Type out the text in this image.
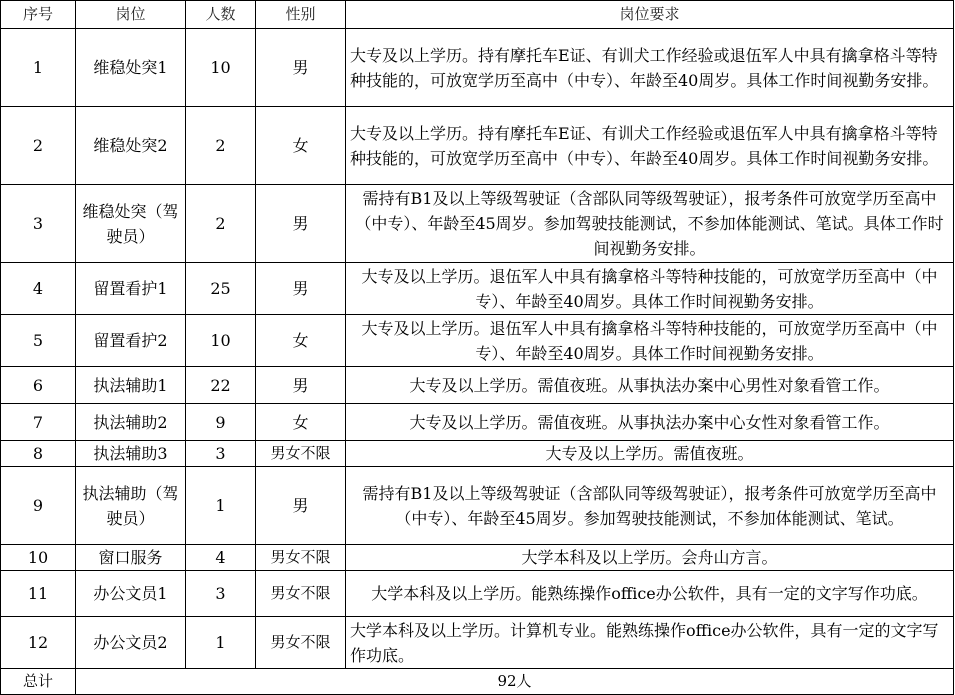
序号	岗位	人数	性别	岗位要求
1	维稳处突1	10	男	大专及以上学历。持有摩托车E证、有训犬工作经验或退伍军人中具有擒拿格斗等特种技能的，可放宽学历至高中（中专）、年龄至40周岁。具体工作时间视勤务安排。
2	维稳处突2	2	女	大专及以上学历。持有摩托车E证、有训犬工作经验或退伍军人中具有擒拿格斗等特种技能的，可放宽学历至高中（中专）、年龄至40周岁。具体工作时间视勤务安排。
3	维稳处突（驾驶员）	2	男	需持有B1及以上等级驾驶证（含部队同等级驾驶证），报考条件可放宽学历至高中（中专）、年龄至45周岁。参加驾驶技能测试，不参加体能测试、笔试。具体工作时间视勤务安排。
4	留置看护1	25	男	大专及以上学历。退伍军人中具有擒拿格斗等特种技能的，可放宽学历至高中（中专）、年龄至40周岁。具体工作时间视勤务安排。
5	留置看护2	10	女	大专及以上学历。退伍军人中具有擒拿格斗等特种技能的，可放宽学历至高中（中专）、年龄至40周岁。具体工作时间视勤务安排。
6	执法辅助1	22	男	大专及以上学历。需值夜班。从事执法办案中心男性对象看管工作。
7	执法辅助2	9	女	大专及以上学历。需值夜班。从事执法办案中心女性对象看管工作。
8	执法辅助3	3	男女不限	大专及以上学历。需值夜班。
9	执法辅助（驾驶员）	1	男	需持有B1及以上等级驾驶证（含部队同等级驾驶证），报考条件可放宽学历至高中（中专）、年龄至45周岁。参加驾驶技能测试，不参加体能测试、笔试。
10	窗口服务	4	男女不限	大学本科及以上学历。会舟山方言。
11	办公文员1	3	男女不限	大学本科及以上学历。能熟练操作office办公软件，具有一定的文字写作功底。
12	办公文员2	1	男女不限	大学本科及以上学历。计算机专业。能熟练操作office办公软件，具有一定的文字写作功底。
总计	92人			
